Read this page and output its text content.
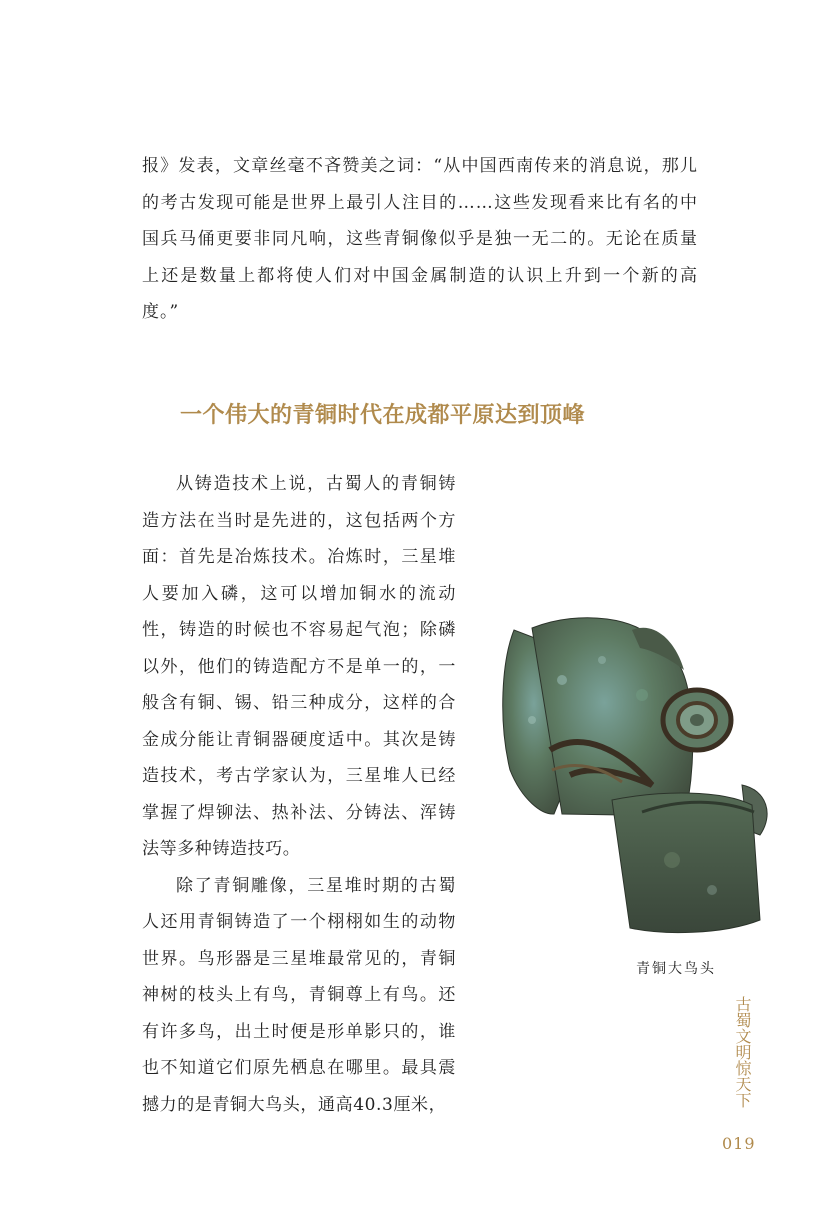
报》发表，文章丝毫不吝赞美之词：“从中国西南传来的消息说，那儿的考古发现可能是世界上最引人注目的……这些发现看来比有名的中国兵马俑更要非同凡响，这些青铜像似乎是独一无二的。无论在质量上还是数量上都将使人们对中国金属制造的认识上升到一个新的高度。”

一个伟大的青铜时代在成都平原达到顶峰

从铸造技术上说，古蜀人的青铜铸造方法在当时是先进的，这包括两个方面：首先是冶炼技术。冶炼时，三星堆人要加入磷，这可以增加铜水的流动性，铸造的时候也不容易起气泡；除磷以外，他们的铸造配方不是单一的，一般含有铜、锡、铅三种成分，这样的合金成分能让青铜器硬度适中。其次是铸造技术，考古学家认为，三星堆人已经掌握了焊铆法、热补法、分铸法、浑铸法等多种铸造技巧。

除了青铜雕像，三星堆时期的古蜀人还用青铜铸造了一个栩栩如生的动物世界。鸟形器是三星堆最常见的，青铜神树的枝头上有鸟，青铜尊上有鸟。还有许多鸟，出土时便是形单影只的，谁也不知道它们原先栖息在哪里。最具震撼力的是青铜大鸟头，通高40.3厘米，

青铜大鸟头
古蜀文明惊天下
019
